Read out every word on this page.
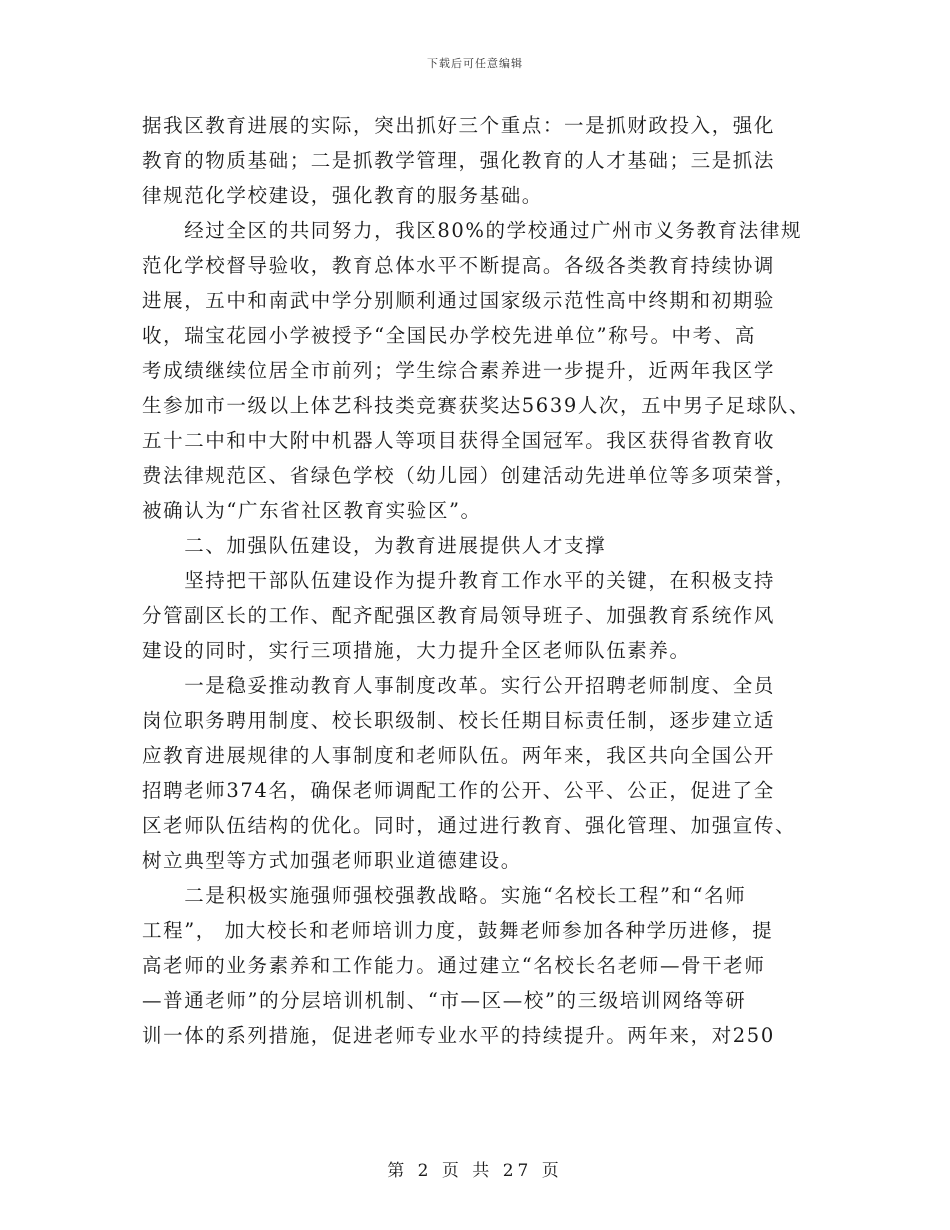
下载后可任意编辑
据我区教育进展的实际，突出抓好三个重点：一是抓财政投入，强化
教育的物质基础；二是抓教学管理，强化教育的人才基础；三是抓法
律规范化学校建设，强化教育的服务基础。
　　经过全区的共同努力，我区80%的学校通过广州市义务教育法律规
范化学校督导验收，教育总体水平不断提高。各级各类教育持续协调
进展，五中和南武中学分别顺利通过国家级示范性高中终期和初期验
收，瑞宝花园小学被授予“全国民办学校先进单位”称号。中考、高
考成绩继续位居全市前列；学生综合素养进一步提升，近两年我区学
生参加市一级以上体艺科技类竞赛获奖达5639人次，五中男子足球队、
五十二中和中大附中机器人等项目获得全国冠军。我区获得省教育收
费法律规范区、省绿色学校（幼儿园）创建活动先进单位等多项荣誉，
被确认为“广东省社区教育实验区”。
　　二、加强队伍建设，为教育进展提供人才支撑
　　坚持把干部队伍建设作为提升教育工作水平的关键，在积极支持
分管副区长的工作、配齐配强区教育局领导班子、加强教育系统作风
建设的同时，实行三项措施，大力提升全区老师队伍素养。
　　一是稳妥推动教育人事制度改革。实行公开招聘老师制度、全员
岗位职务聘用制度、校长职级制、校长任期目标责任制，逐步建立适
应教育进展规律的人事制度和老师队伍。两年来，我区共向全国公开
招聘老师374名，确保老师调配工作的公开、公平、公正，促进了全
区老师队伍结构的优化。同时，通过进行教育、强化管理、加强宣传、
树立典型等方式加强老师职业道德建设。
　　二是积极实施强师强校强教战略。实施“名校长工程”和“名师
工程”， 加大校长和老师培训力度，鼓舞老师参加各种学历进修，提
高老师的业务素养和工作能力。通过建立“名校长名老师—骨干老师
—普通老师”的分层培训机制、“市—区—校”的三级培训网络等研
训一体的系列措施，促进老师专业水平的持续提升。两年来，对250
第 2 页 共 27 页
